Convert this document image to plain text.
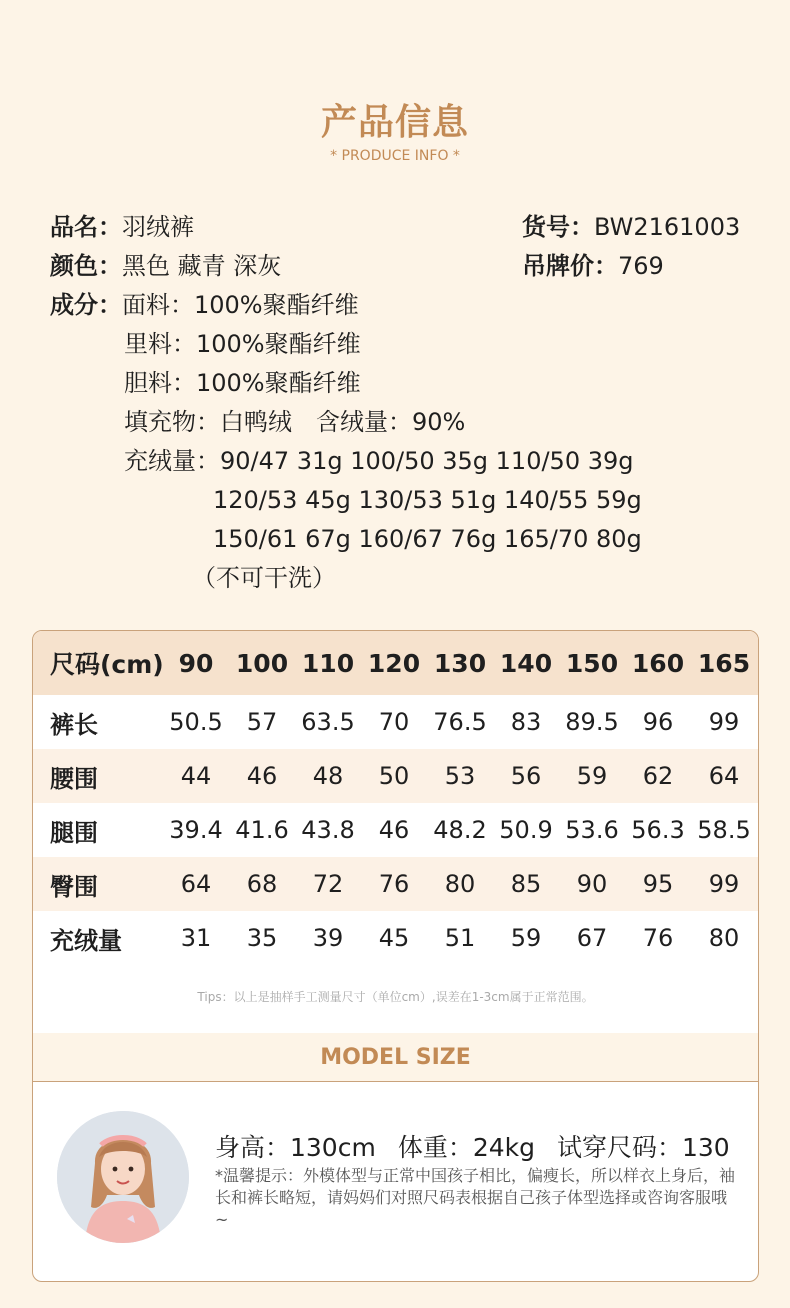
产品信息
* PRODUCE INFO *
品名：羽绒裤
颜色：黑色 藏青 深灰
成分：面料：100%聚酯纤维
里料：100%聚酯纤维
胆料：100%聚酯纤维
填充物：白鸭绒 含绒量：90%
充绒量：90/47 31g 100/50 35g 110/50 39g
120/53 45g 130/53 51g 140/55 59g
150/61 67g 160/67 76g 165/70 80g
（不可干洗）
货号：BW2161003
吊牌价：769
尺码(cm) 90 100 110 120 130 140 150 160 165
裤长	50.5	57	63.5	70	76.5	83	89.5	96	99
腰围	44	46	48	50	53	56	59	62	64
腿围	39.4 41.6 43.8	46	48.2 50.9 53.6 56.3 58.5
臀围	64	68	72	76	80	85	90	95	99
充绒量	31	35	39	45	51	59	67	76	80
Tips：以上是抽样手工测量尺寸（单位cm）,误差在1-3cm属于正常范围。
MODEL SIZE
身高：130cm 体重：24kg 试穿尺码：130
*温馨提示：外模体型与正常中国孩子相比，偏瘦长，所以样衣上身后，袖长和裤长略短，请妈妈们对照尺码表根据自己孩子体型选择或咨询客服哦~
